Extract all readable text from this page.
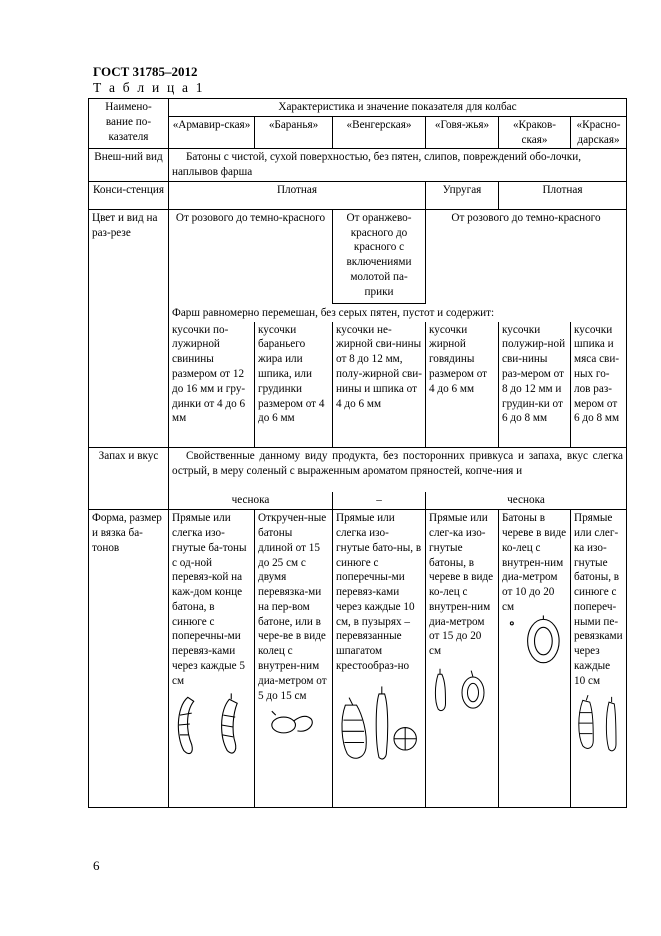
ГОСТ 31785–2012
Т а б л и ц а 1
Наимено-вание по-казателя	Характеристика и значение показателя для колбас					
	«Армавир-ская»	«Баранья»	«Венгерская»	«Говя-жья»	«Краков-ская»	«Красно-дарская»
Внеш-ний вид	Батоны с чистой, сухой поверхностью, без пятен, слипов, повреждений обо-лочки, наплывов фарша					
Конси-стенция	Плотная			Упругая	Плотная	
Цвет и вид на раз-резе	От розового до темно-красного		От оранжево-красного до красного с включениями молотой па-прики	От розового до темно-красного		
	Фарш равномерно перемешан, без серых пятен, пустот и содержит:					
	кусочки по-лужирной свинины размером от 12 до 16 мм и гру-динки от 4 до 6 мм	кусочки бараньего жира или шпика, или грудинки размером от 4 до 6 мм	кусочки не-жирной сви-нины от 8 до 12 мм, полу-жирной сви-нины и шпика от 4 до 6 мм	кусочки жирной говядины размером от 4 до 6 мм	кусочки полужир-ной сви-нины раз-мером от 8 до 12 мм и грудин-ки от 6 до 8 мм	кусочки шпика и мяса сви-ных го-лов раз-мером от 6 до 8 мм
Запах и вкус	Свойственные данному виду продукта, без посторонних привкуса и запаха, вкус слегка острый, в меру соленый с выраженным ароматом пряностей, копче-ния и					
	чеснока		–	чеснока		
Форма, размер и вязка ба-тонов	Прямые или слегка изо-гнутые ба-тоны с од-ной перевяз-кой на каж-дом конце батона, в синюге с поперечны-ми перевяз-ками через каждые 5 см	Откручен-ные батоны длиной от 15 до 25 см с двумя перевязка-ми на пер-вом батоне, или в чере-ве в виде колец с внутрен-ним диа-метром от 5 до 15 см	Прямые или слегка изо-гнутые бато-ны, в синюге с поперечны-ми перевяз-ками через каждые 10 см, в пузырях – перевязанные шпагатом крестообраз-но	Прямые или слег-ка изо-гнутые батоны, в череве в виде ко-лец с внутрен-ним диа-метром от 15 до 20 см	Батоны в череве в виде ко-лец с внутрен-ним диа-метром от 10 до 20 см	Прямые или слег-ка изо-гнутые батоны, в синюге с попереч-ными пе-ревязками через каждые 10 см
6
